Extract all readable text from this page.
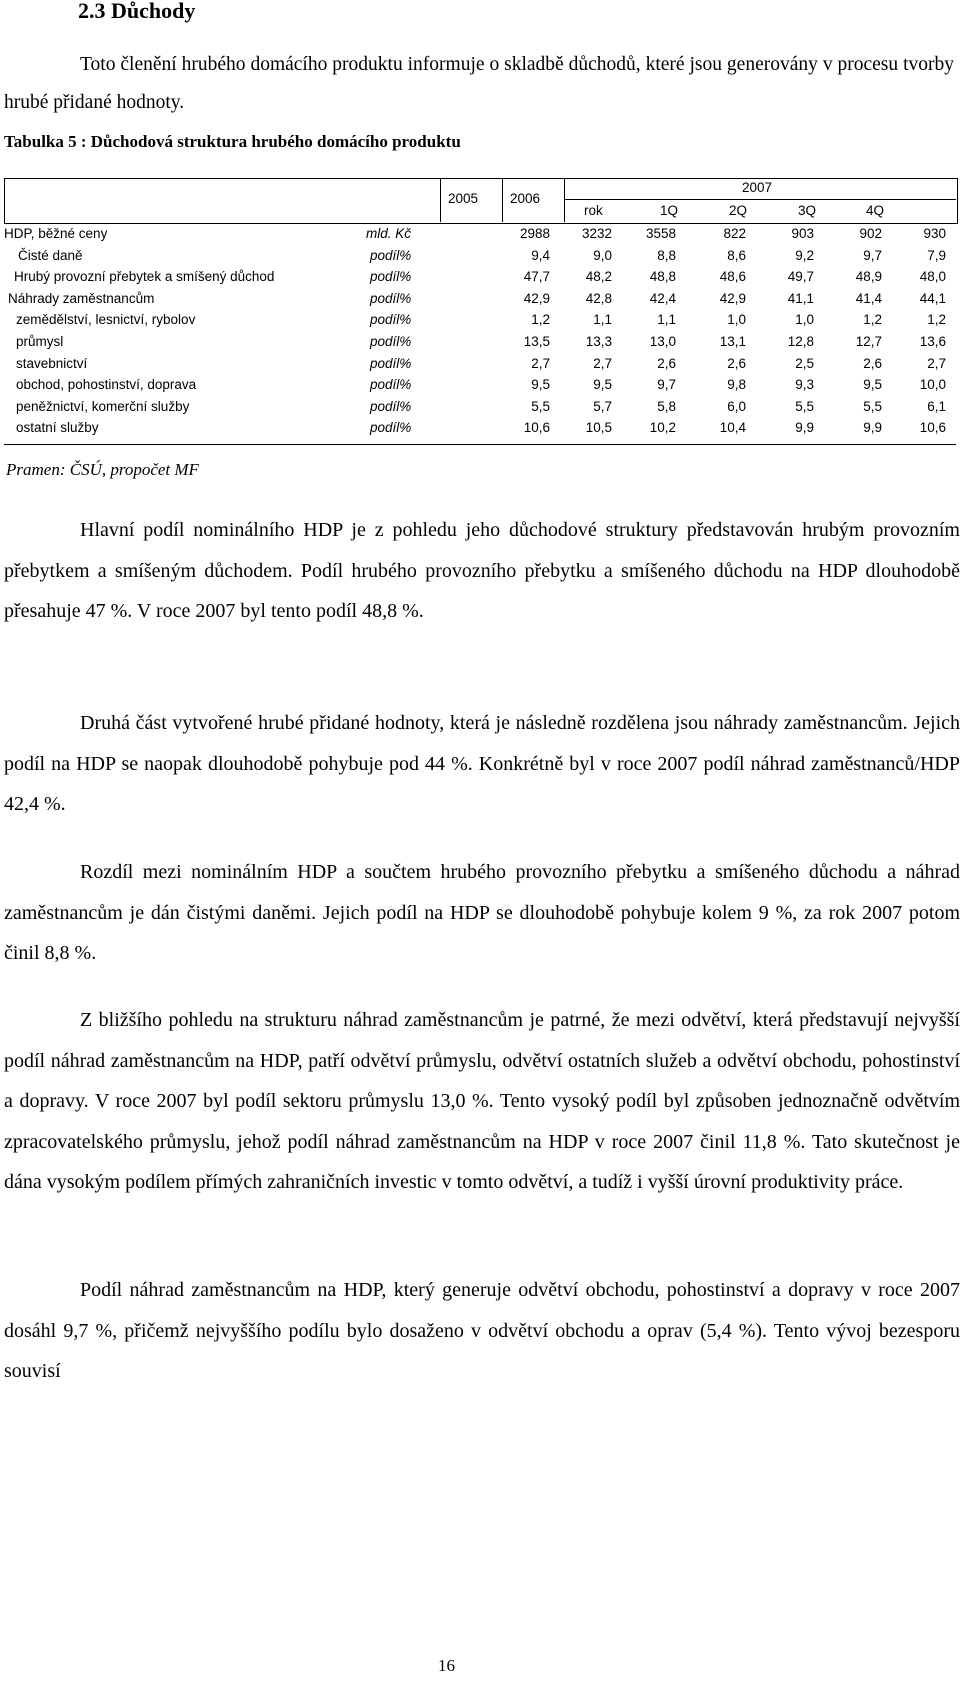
2.3 Důchody

Toto členění hrubého domácího produktu informuje o skladbě důchodů, které jsou generovány v procesu tvorby hrubé přidané hodnoty.

Tabulka 5 : Důchodová struktura hrubého domácího produktu

2005 2006
2007
rok	1Q	2Q	3Q	4Q
HDP, běžné ceny	mld. Kč	2988	3232	3558	822	903	902	930
Čisté daně	podíl%	9,4	9,0	8,8	8,6	9,2	9,7	7,9
Hrubý provozní přebytek a smíšený důchod	podíl%	47,7	48,2	48,8	48,6	49,7	48,9	48,0
Náhrady zaměstnancům	podíl%	42,9	42,8	42,4	42,9	41,1	41,4	44,1
zemědělství, lesnictví, rybolov	podíl%	1,2	1,1	1,1	1,0	1,0	1,2	1,2
průmysl	podíl%	13,5	13,3	13,0	13,1	12,8	12,7	13,6
stavebnictví	podíl%	2,7	2,7	2,6	2,6	2,5	2,6	2,7
obchod, pohostinství, doprava	podíl%	9,5	9,5	9,7	9,8	9,3	9,5	10,0
peněžnictví, komerční služby	podíl%	5,5	5,7	5,8	6,0	5,5	5,5	6,1
ostatní služby	podíl%	10,6	10,5	10,2	10,4	9,9	9,9	10,6

Pramen: ČSÚ, propočet MF

Hlavní podíl nominálního HDP je z pohledu jeho důchodové struktury představován hrubým provozním přebytkem a smíšeným důchodem. Podíl hrubého provozního přebytku a smíšeného důchodu na HDP dlouhodobě přesahuje 47 %. V roce 2007 byl tento podíl 48,8 %.

Druhá část vytvořené hrubé přidané hodnoty, která je následně rozdělena jsou náhrady zaměstnancům. Jejich podíl na HDP se naopak dlouhodobě pohybuje pod 44 %. Konkrétně byl v roce 2007 podíl náhrad zaměstnanců/HDP 42,4 %.

Rozdíl mezi nominálním HDP a součtem hrubého provozního přebytku a smíšeného důchodu a náhrad zaměstnancům je dán čistými daněmi. Jejich podíl na HDP se dlouhodobě pohybuje kolem 9 %, za rok 2007 potom činil 8,8 %.

Z bližšího pohledu na strukturu náhrad zaměstnancům je patrné, že mezi odvětví, která představují nejvyšší podíl náhrad zaměstnancům na HDP, patří odvětví průmyslu, odvětví ostatních služeb a odvětví obchodu, pohostinství a dopravy. V roce 2007 byl podíl sektoru průmyslu 13,0 %. Tento vysoký podíl byl způsoben jednoznačně odvětvím zpracovatelského průmyslu, jehož podíl náhrad zaměstnancům na HDP v roce 2007 činil 11,8 %. Tato skutečnost je dána vysokým podílem přímých zahraničních investic v tomto odvětví, a tudíž i vyšší úrovní produktivity práce.

Podíl náhrad zaměstnancům na HDP, který generuje odvětví obchodu, pohostinství a dopravy v roce 2007 dosáhl 9,7 %, přičemž nejvyššího podílu bylo dosaženo v odvětví obchodu a oprav (5,4 %). Tento vývoj bezesporu souvisí

16
